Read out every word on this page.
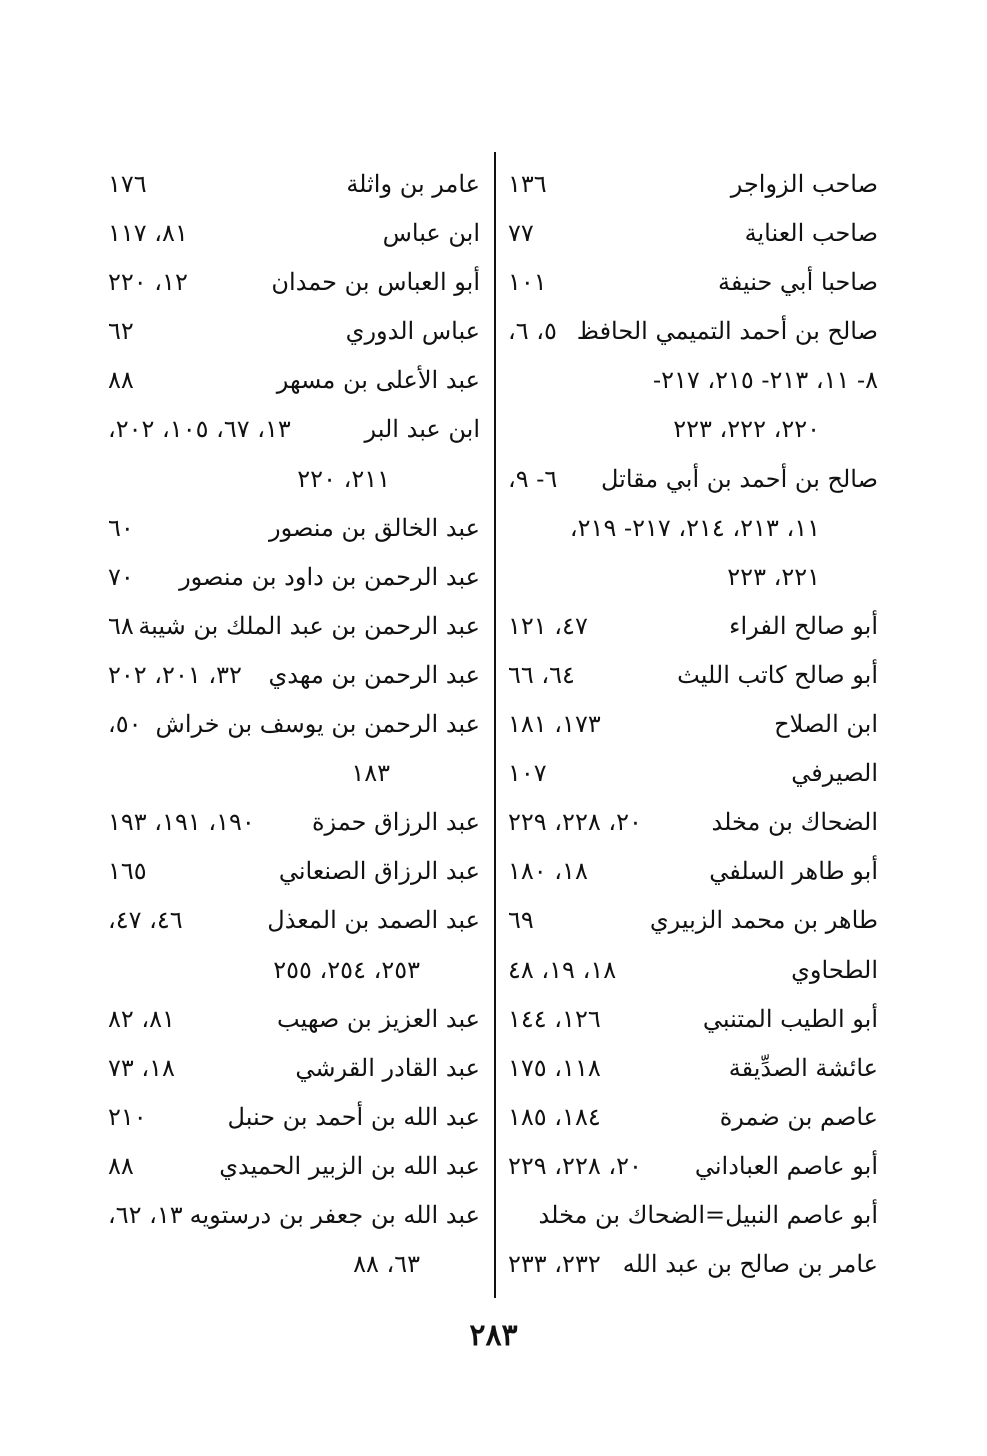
صاحب الزواجر
١٣٦
صاحب العناية
٧٧
صاحبا أبي حنيفة
١٠١
صالح بن أحمد التميمي الحافظ
٥، ٦،
٨- ١١، ٢١٣- ٢١٥، ٢١٧-
٢٢٠، ٢٢٢، ٢٢٣
صالح بن أحمد بن أبي مقاتل
٦- ٩،
١١، ٢١٣، ٢١٤، ٢١٧- ٢١٩،
٢٢١، ٢٢٣
أبو صالح الفراء
٤٧، ١٢١
أبو صالح كاتب الليث
٦٤، ٦٦
ابن الصلاح
١٧٣، ١٨١
الصيرفي
١٠٧
الضحاك بن مخلد
٢٠، ٢٢٨، ٢٢٩
أبو طاهر السلفي
١٨، ١٨٠
طاهر بن محمد الزبيري
٦٩
الطحاوي
١٨، ١٩، ٤٨
أبو الطيب المتنبي
١٢٦، ١٤٤
عائشة الصدِّيقة
١١٨، ١٧٥
عاصم بن ضمرة
١٨٤، ١٨٥
أبو عاصم العباداني
٢٠، ٢٢٨، ٢٢٩
أبو عاصم النبيل=الضحاك بن مخلد
عامر بن صالح بن عبد الله
٢٣٢، ٢٣٣
عامر بن واثلة
١٧٦
ابن عباس
٨١، ١١٧
أبو العباس بن حمدان
١٢، ٢٢٠
عباس الدوري
٦٢
عبد الأعلى بن مسهر
٨٨
ابن عبد البر
١٣، ٦٧، ١٠٥، ٢٠٢،
٢١١، ٢٢٠
عبد الخالق بن منصور
٦٠
عبد الرحمن بن داود بن منصور
٧٠
عبد الرحمن بن عبد الملك بن شيبة
٦٨
عبد الرحمن بن مهدي
٣٢، ٢٠١، ٢٠٢
عبد الرحمن بن يوسف بن خراش
٥٠،
١٨٣
عبد الرزاق حمزة
١٩٠، ١٩١، ١٩٣
عبد الرزاق الصنعاني
١٦٥
عبد الصمد بن المعذل
٤٦، ٤٧،
٢٥٣، ٢٥٤، ٢٥٥
عبد العزيز بن صهيب
٨١، ٨٢
عبد القادر القرشي
١٨، ٧٣
عبد الله بن أحمد بن حنبل
٢١٠
عبد الله بن الزبير الحميدي
٨٨
عبد الله بن جعفر بن درستويه
١٣، ٦٢،
٦٣، ٨٨
٢٨٣
